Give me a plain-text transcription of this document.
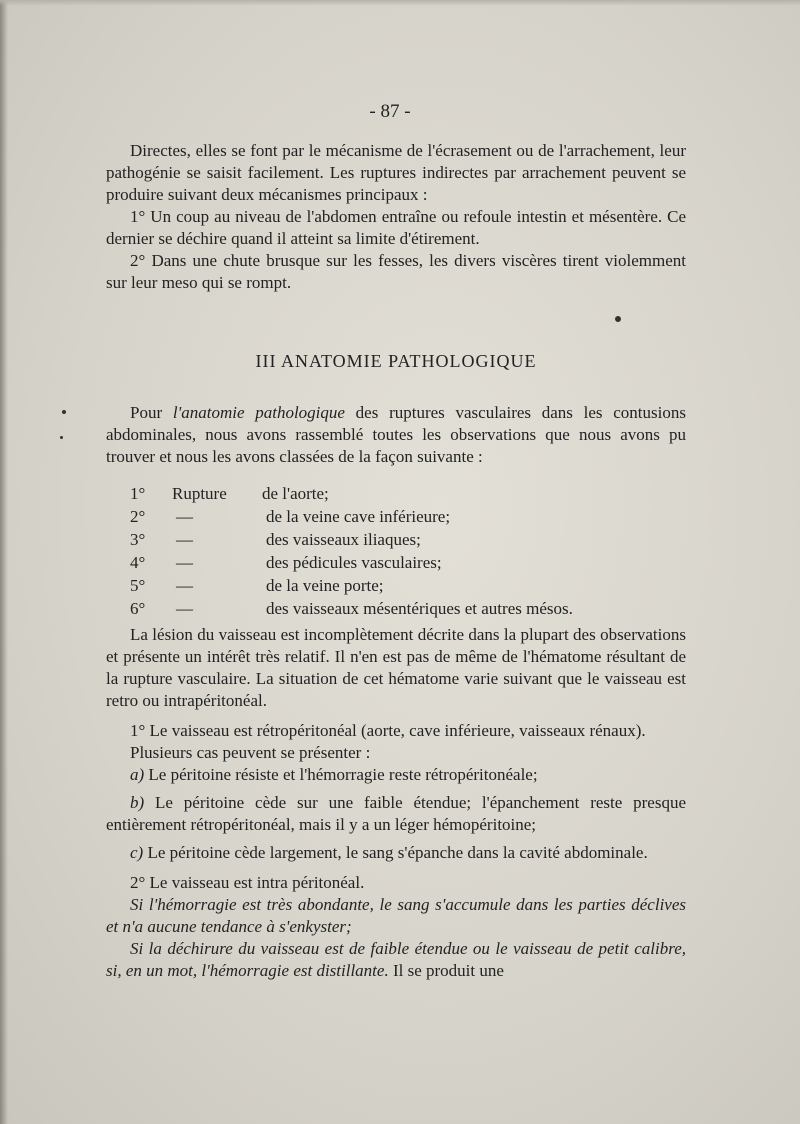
- 87 -

Directes, elles se font par le mécanisme de l'écrasement ou de l'arrachement, leur pathogénie se saisit facilement. Les ruptures indirectes par arrachement peuvent se produire suivant deux mécanismes principaux :

1° Un coup au niveau de l'abdomen entraîne ou refoule intestin et mésentère. Ce dernier se déchire quand il atteint sa limite d'étirement.

2° Dans une chute brusque sur les fesses, les divers viscères tirent violemment sur leur meso qui se rompt.

III ANATOMIE PATHOLOGIQUE

Pour l'anatomie pathologique des ruptures vasculaires dans les contusions abdominales, nous avons rassemblé toutes les observations que nous avons pu trouver et nous les avons classées de la façon suivante :

1°	Rupture	de l'aorte;
2°	—	de la veine cave inférieure;
3°	—	des vaisseaux iliaques;
4°	—	des pédicules vasculaires;
5°	—	de la veine porte;
6°	—	des vaisseaux mésentériques et autres mésos.

La lésion du vaisseau est incomplètement décrite dans la plupart des observations et présente un intérêt très relatif. Il n'en est pas de même de l'hématome résultant de la rupture vasculaire. La situation de cet hématome varie suivant que le vaisseau est retro ou intrapéritonéal.

1° Le vaisseau est rétropéritonéal (aorte, cave inférieure, vaisseaux rénaux).

Plusieurs cas peuvent se présenter :

a) Le péritoine résiste et l'hémorragie reste rétropéritonéale;

b) Le péritoine cède sur une faible étendue; l'épanchement reste presque entièrement rétropéritonéal, mais il y a un léger hémopéritoine;

c) Le péritoine cède largement, le sang s'épanche dans la cavité abdominale.

2° Le vaisseau est intra péritonéal.

Si l'hémorragie est très abondante, le sang s'accumule dans les parties déclives et n'a aucune tendance à s'enkyster;

Si la déchirure du vaisseau est de faible étendue ou le vaisseau de petit calibre, si, en un mot, l'hémorragie est distillante. Il se produit une
